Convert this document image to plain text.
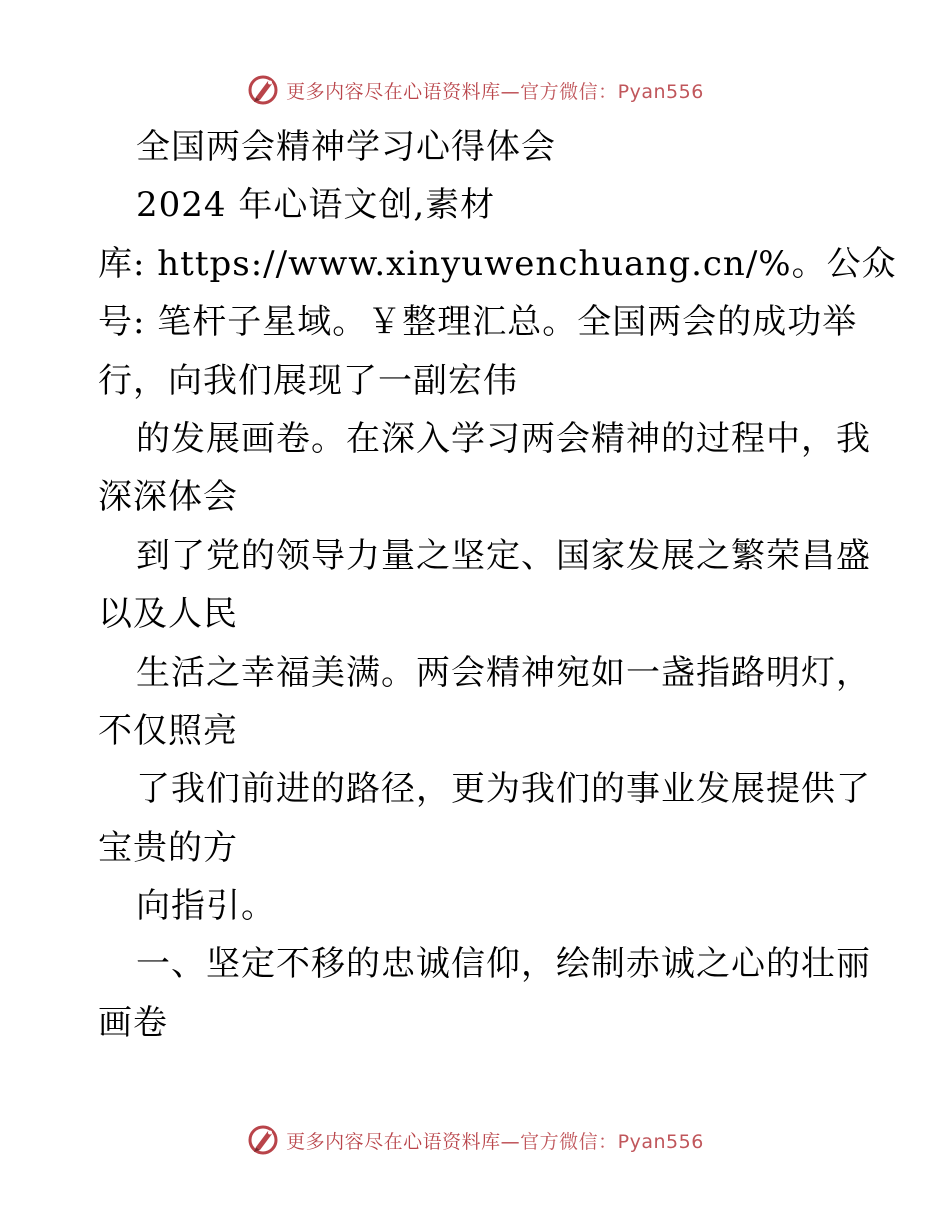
更多内容尽在心语资料库—官方微信：Pyan556
全国两会精神学习心得体会
2024 年心语文创,素材
库: https://www.xinyuwenchuang.cn/%。公众
号: 笔杆子星域。￥整理汇总。全国两会的成功举
行，向我们展现了一副宏伟
的发展画卷。在深入学习两会精神的过程中，我
深深体会
到了党的领导力量之坚定、国家发展之繁荣昌盛
以及人民
生活之幸福美满。两会精神宛如一盏指路明灯，
不仅照亮
了我们前进的路径，更为我们的事业发展提供了
宝贵的方
向指引。
一、坚定不移的忠诚信仰，绘制赤诚之心的壮丽
画卷
更多内容尽在心语资料库—官方微信：Pyan556
